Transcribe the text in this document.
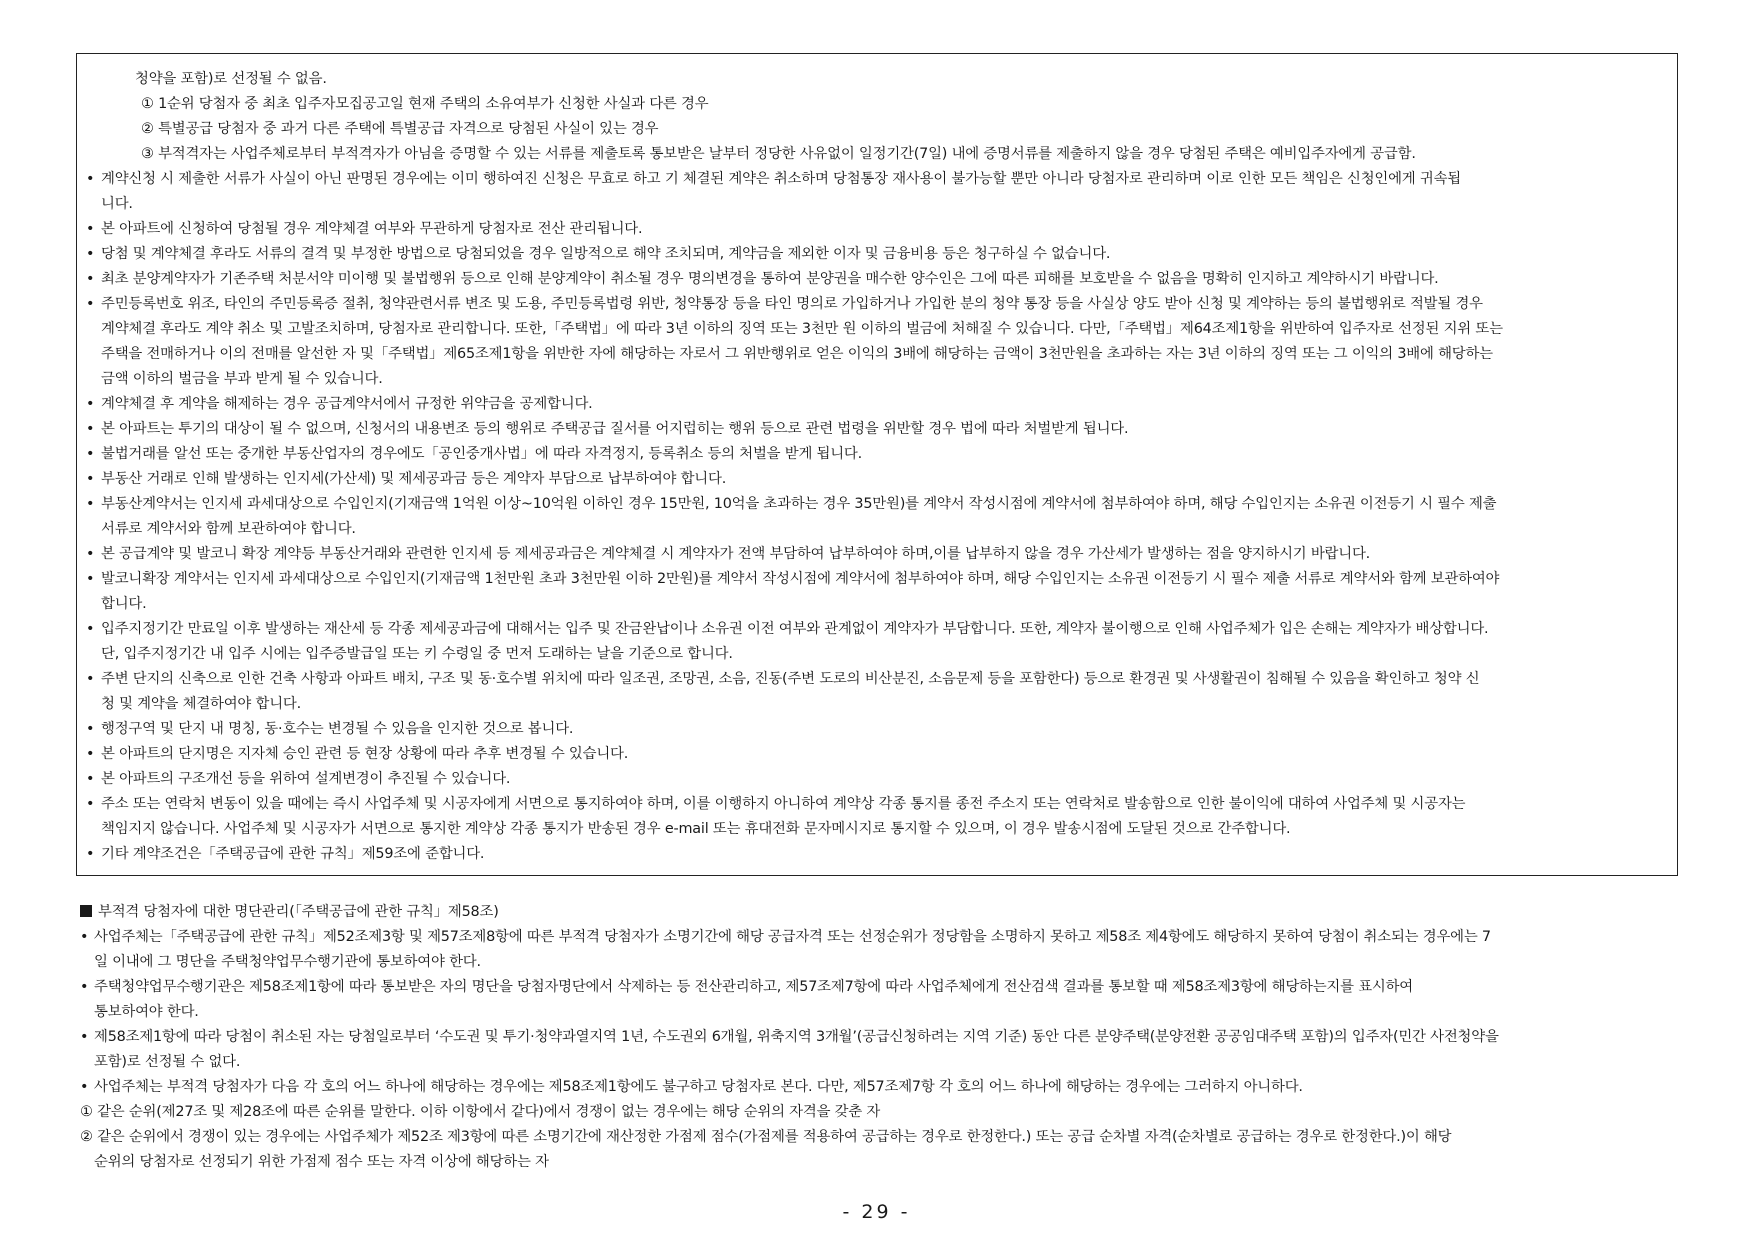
청약을 포함)로 선정될 수 없음.
① 1순위 당첨자 중 최초 입주자모집공고일 현재 주택의 소유여부가 신청한 사실과 다른 경우
② 특별공급 당첨자 중 과거 다른 주택에 특별공급 자격으로 당첨된 사실이 있는 경우
③ 부적격자는 사업주체로부터 부적격자가 아님을 증명할 수 있는 서류를 제출토록 통보받은 날부터 정당한 사유없이 일정기간(7일) 내에 증명서류를 제출하지 않을 경우 당첨된 주택은 예비입주자에게 공급함.
• 계약신청 시 제출한 서류가 사실이 아닌 판명된 경우에는 이미 행하여진 신청은 무효로 하고 기 체결된 계약은 취소하며 당첨통장 재사용이 불가능할 뿐만 아니라 당첨자로 관리하며 이로 인한 모든 책임은 신청인에게 귀속됩
니다.
• 본 아파트에 신청하여 당첨될 경우 계약체결 여부와 무관하게 당첨자로 전산 관리됩니다.
• 당첨 및 계약체결 후라도 서류의 결격 및 부정한 방법으로 당첨되었을 경우 일방적으로 해약 조치되며, 계약금을 제외한 이자 및 금융비용 등은 청구하실 수 없습니다.
• 최초 분양계약자가 기존주택 처분서약 미이행 및 불법행위 등으로 인해 분양계약이 취소될 경우 명의변경을 통하여 분양권을 매수한 양수인은 그에 따른 피해를 보호받을 수 없음을 명확히 인지하고 계약하시기 바랍니다.
• 주민등록번호 위조, 타인의 주민등록증 절취, 청약관련서류 변조 및 도용, 주민등록법령 위반, 청약통장 등을 타인 명의로 가입하거나 가입한 분의 청약 통장 등을 사실상 양도 받아 신청 및 계약하는 등의 불법행위로 적발될 경우
계약체결 후라도 계약 취소 및 고발조치하며, 당첨자로 관리합니다. 또한,「주택법」에 따라 3년 이하의 징역 또는 3천만 원 이하의 벌금에 처해질 수 있습니다. 다만,「주택법」제64조제1항을 위반하여 입주자로 선정된 지위 또는
주택을 전매하거나 이의 전매를 알선한 자 및「주택법」제65조제1항을 위반한 자에 해당하는 자로서 그 위반행위로 얻은 이익의 3배에 해당하는 금액이 3천만원을 초과하는 자는 3년 이하의 징역 또는 그 이익의 3배에 해당하는
금액 이하의 벌금을 부과 받게 될 수 있습니다.
• 계약체결 후 계약을 해제하는 경우 공급계약서에서 규정한 위약금을 공제합니다.
• 본 아파트는 투기의 대상이 될 수 없으며, 신청서의 내용변조 등의 행위로 주택공급 질서를 어지럽히는 행위 등으로 관련 법령을 위반할 경우 법에 따라 처벌받게 됩니다.
• 불법거래를 알선 또는 중개한 부동산업자의 경우에도「공인중개사법」에 따라 자격정지, 등록취소 등의 처벌을 받게 됩니다.
• 부동산 거래로 인해 발생하는 인지세(가산세) 및 제세공과금 등은 계약자 부담으로 납부하여야 합니다.
• 부동산계약서는 인지세 과세대상으로 수입인지(기재금액 1억원 이상~10억원 이하인 경우 15만원, 10억을 초과하는 경우 35만원)를 계약서 작성시점에 계약서에 첨부하여야 하며, 해당 수입인지는 소유권 이전등기 시 필수 제출
서류로 계약서와 함께 보관하여야 합니다.
• 본 공급계약 및 발코니 확장 계약등 부동산거래와 관련한 인지세 등 제세공과금은 계약체결 시 계약자가 전액 부담하여 납부하여야 하며,이를 납부하지 않을 경우 가산세가 발생하는 점을 양지하시기 바랍니다.
• 발코니확장 계약서는 인지세 과세대상으로 수입인지(기재금액 1천만원 초과 3천만원 이하 2만원)를 계약서 작성시점에 계약서에 첨부하여야 하며, 해당 수입인지는 소유권 이전등기 시 필수 제출 서류로 계약서와 함께 보관하여야
합니다.
• 입주지정기간 만료일 이후 발생하는 재산세 등 각종 제세공과금에 대해서는 입주 및 잔금완납이나 소유권 이전 여부와 관계없이 계약자가 부담합니다. 또한, 계약자 불이행으로 인해 사업주체가 입은 손해는 계약자가 배상합니다.
단, 입주지정기간 내 입주 시에는 입주증발급일 또는 키 수령일 중 먼저 도래하는 날을 기준으로 합니다.
• 주변 단지의 신축으로 인한 건축 사항과 아파트 배치, 구조 및 동·호수별 위치에 따라 일조권, 조망권, 소음, 진동(주변 도로의 비산분진, 소음문제 등을 포함한다) 등으로 환경권 및 사생활권이 침해될 수 있음을 확인하고 청약 신
청 및 계약을 체결하여야 합니다.
• 행정구역 및 단지 내 명칭, 동·호수는 변경될 수 있음을 인지한 것으로 봅니다.
• 본 아파트의 단지명은 지자체 승인 관련 등 현장 상황에 따라 추후 변경될 수 있습니다.
• 본 아파트의 구조개선 등을 위하여 설계변경이 추진될 수 있습니다.
• 주소 또는 연락처 변동이 있을 때에는 즉시 사업주체 및 시공자에게 서면으로 통지하여야 하며, 이를 이행하지 아니하여 계약상 각종 통지를 종전 주소지 또는 연락처로 발송함으로 인한 불이익에 대하여 사업주체 및 시공자는
책임지지 않습니다. 사업주체 및 시공자가 서면으로 통지한 계약상 각종 통지가 반송된 경우 e-mail 또는 휴대전화 문자메시지로 통지할 수 있으며, 이 경우 발송시점에 도달된 것으로 간주합니다.
• 기타 계약조건은「주택공급에 관한 규칙」제59조에 준합니다.
부적격 당첨자에 대한 명단관리(「주택공급에 관한 규칙」제58조)
• 사업주체는「주택공급에 관한 규칙」제52조제3항 및 제57조제8항에 따른 부적격 당첨자가 소명기간에 해당 공급자격 또는 선정순위가 정당함을 소명하지 못하고 제58조 제4항에도 해당하지 못하여 당첨이 취소되는 경우에는 7
일 이내에 그 명단을 주택청약업무수행기관에 통보하여야 한다.
• 주택청약업무수행기관은 제58조제1항에 따라 통보받은 자의 명단을 당첨자명단에서 삭제하는 등 전산관리하고, 제57조제7항에 따라 사업주체에게 전산검색 결과를 통보할 때 제58조제3항에 해당하는지를 표시하여
통보하여야 한다.
• 제58조제1항에 따라 당첨이 취소된 자는 당첨일로부터 ‘수도권 및 투기·청약과열지역 1년, 수도권외 6개월, 위축지역 3개월’(공급신청하려는 지역 기준) 동안 다른 분양주택(분양전환 공공임대주택 포함)의 입주자(민간 사전청약을
포함)로 선정될 수 없다.
• 사업주체는 부적격 당첨자가 다음 각 호의 어느 하나에 해당하는 경우에는 제58조제1항에도 불구하고 당첨자로 본다. 다만, 제57조제7항 각 호의 어느 하나에 해당하는 경우에는 그러하지 아니하다.
① 같은 순위(제27조 및 제28조에 따른 순위를 말한다. 이하 이항에서 같다)에서 경쟁이 없는 경우에는 해당 순위의 자격을 갖춘 자
② 같은 순위에서 경쟁이 있는 경우에는 사업주체가 제52조 제3항에 따른 소명기간에 재산정한 가점제 점수(가점제를 적용하여 공급하는 경우로 한정한다.) 또는 공급 순차별 자격(순차별로 공급하는 경우로 한정한다.)이 해당
순위의 당첨자로 선정되기 위한 가점제 점수 또는 자격 이상에 해당하는 자
- 29 -
